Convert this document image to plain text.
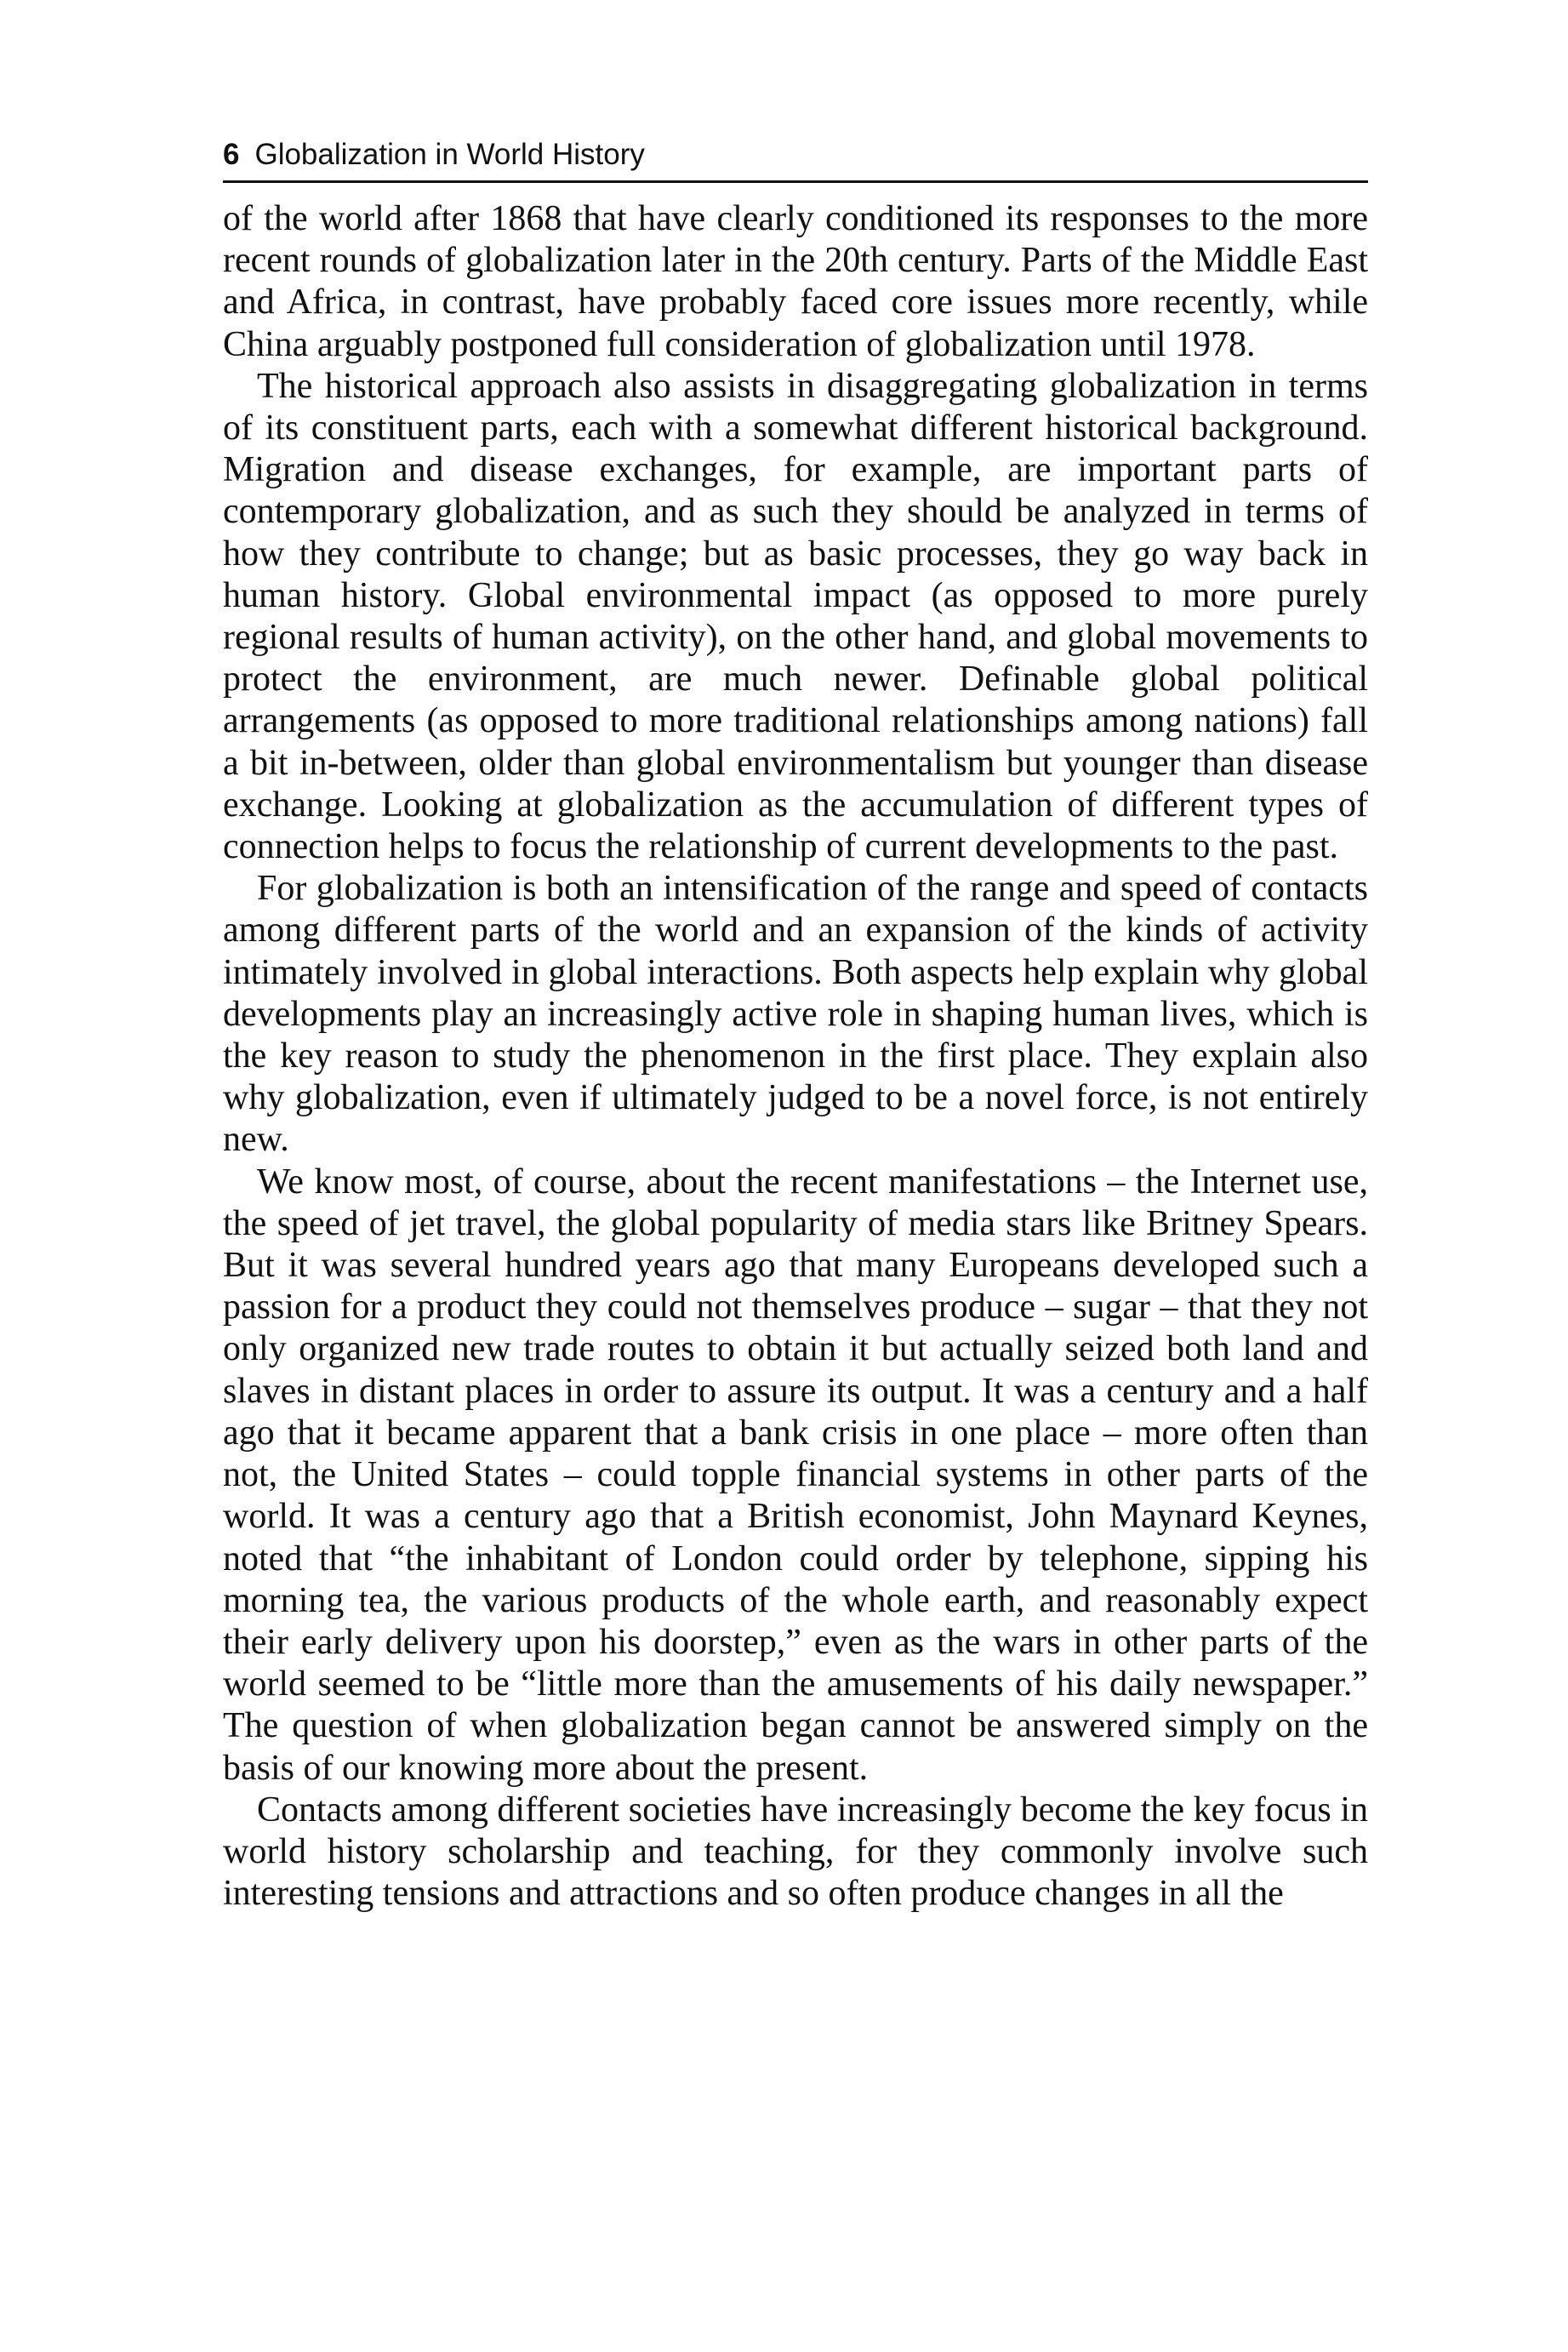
6 Globalization in World History

of the world after 1868 that have clearly conditioned its responses to the more recent rounds of globalization later in the 20th century. Parts of the Middle East and Africa, in contrast, have probably faced core issues more recently, while China arguably postponed full consideration of globalization until 1978.

The historical approach also assists in disaggregating globalization in terms of its constituent parts, each with a somewhat different historical background. Migration and disease exchanges, for example, are important parts of contemporary globalization, and as such they should be analyzed in terms of how they contribute to change; but as basic processes, they go way back in human history. Global environmental impact (as opposed to more purely regional results of human activity), on the other hand, and global movements to protect the environment, are much newer. Definable global political arrangements (as opposed to more traditional relationships among nations) fall a bit in-between, older than global environmentalism but younger than disease exchange. Looking at globalization as the accumulation of different types of connection helps to focus the relationship of current developments to the past.

For globalization is both an intensification of the range and speed of contacts among different parts of the world and an expansion of the kinds of activity intimately involved in global interactions. Both aspects help explain why global developments play an increasingly active role in shaping human lives, which is the key reason to study the phenomenon in the first place. They explain also why globalization, even if ultimately judged to be a novel force, is not entirely new.

We know most, of course, about the recent manifestations – the Internet use, the speed of jet travel, the global popularity of media stars like Britney Spears. But it was several hundred years ago that many Europeans developed such a passion for a product they could not themselves produce – sugar – that they not only organized new trade routes to obtain it but actually seized both land and slaves in distant places in order to assure its output. It was a century and a half ago that it became apparent that a bank crisis in one place – more often than not, the United States – could topple financial systems in other parts of the world. It was a century ago that a British economist, John Maynard Keynes, noted that “the inhabitant of London could order by telephone, sipping his morning tea, the various products of the whole earth, and reasonably expect their early delivery upon his doorstep,” even as the wars in other parts of the world seemed to be “little more than the amusements of his daily newspaper.” The question of when globalization began cannot be answered simply on the basis of our knowing more about the present.

Contacts among different societies have increasingly become the key focus in world history scholarship and teaching, for they commonly involve such interesting tensions and attractions and so often produce changes in all the
